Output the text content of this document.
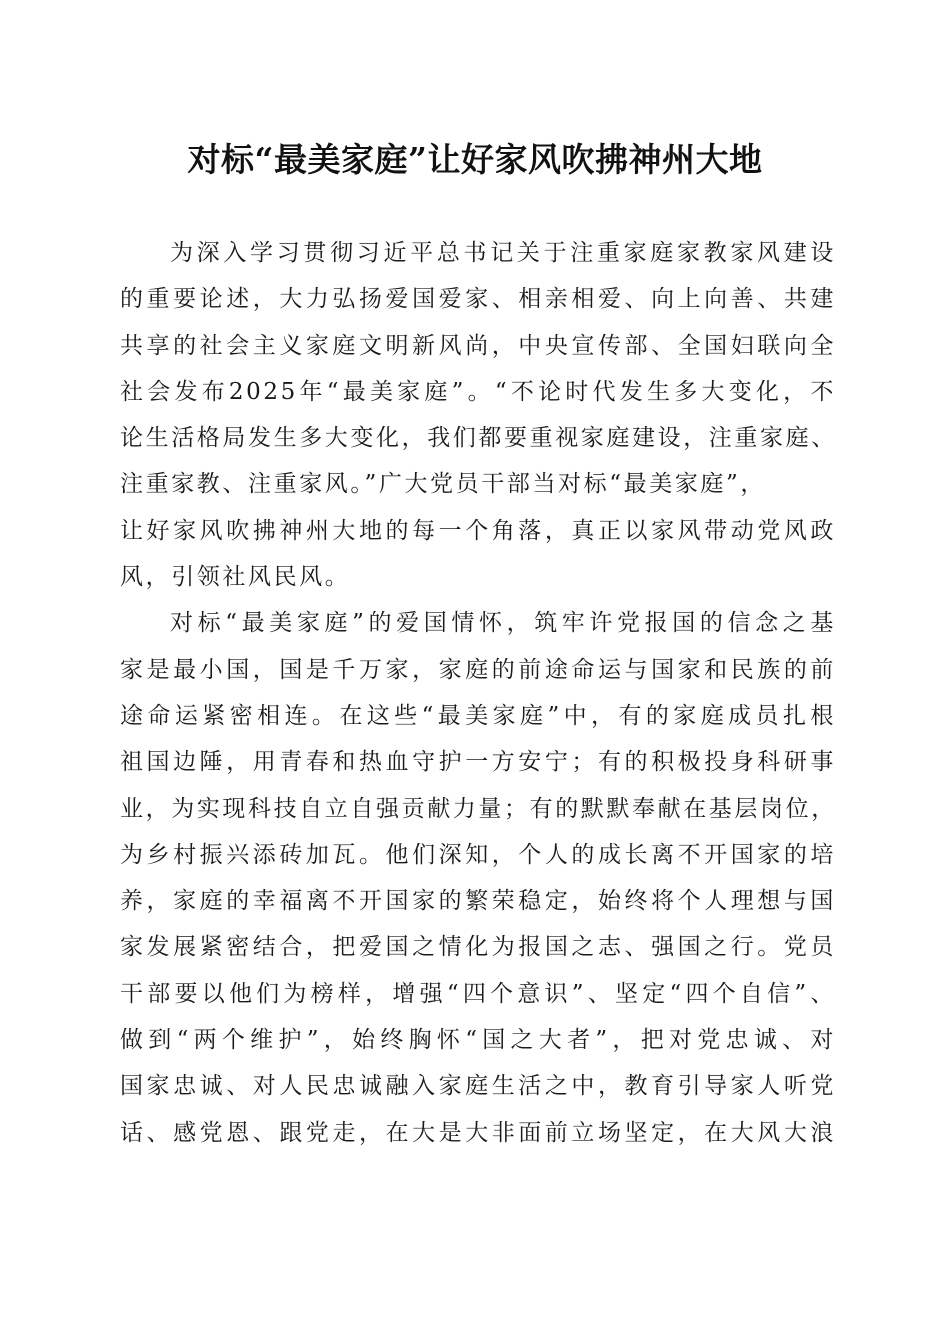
对标“最美家庭”让好家风吹拂神州大地
为深入学习贯彻习近平总书记关于注重家庭家教家风建设
的重要论述，大力弘扬爱国爱家、相亲相爱、向上向善、共建
共享的社会主义家庭文明新风尚，中央宣传部、全国妇联向全
社会发布2025年“最美家庭”。“不论时代发生多大变化，不
论生活格局发生多大变化，我们都要重视家庭建设，注重家庭、
注重家教、注重家风。”广大党员干部当对标“最美家庭”，
让好家风吹拂神州大地的每一个角落，真正以家风带动党风政
风，引领社风民风。
对标“最美家庭”的爱国情怀，筑牢许党报国的信念之基
家是最小国，国是千万家，家庭的前途命运与国家和民族的前
途命运紧密相连。在这些“最美家庭”中，有的家庭成员扎根
祖国边陲，用青春和热血守护一方安宁；有的积极投身科研事
业，为实现科技自立自强贡献力量；有的默默奉献在基层岗位，
为乡村振兴添砖加瓦。他们深知，个人的成长离不开国家的培
养，家庭的幸福离不开国家的繁荣稳定，始终将个人理想与国
家发展紧密结合，把爱国之情化为报国之志、强国之行。党员
干部要以他们为榜样，增强“四个意识”、坚定“四个自信”、
做到“两个维护”，始终胸怀“国之大者”，把对党忠诚、对
国家忠诚、对人民忠诚融入家庭生活之中，教育引导家人听党
话、感党恩、跟党走，在大是大非面前立场坚定，在大风大浪
